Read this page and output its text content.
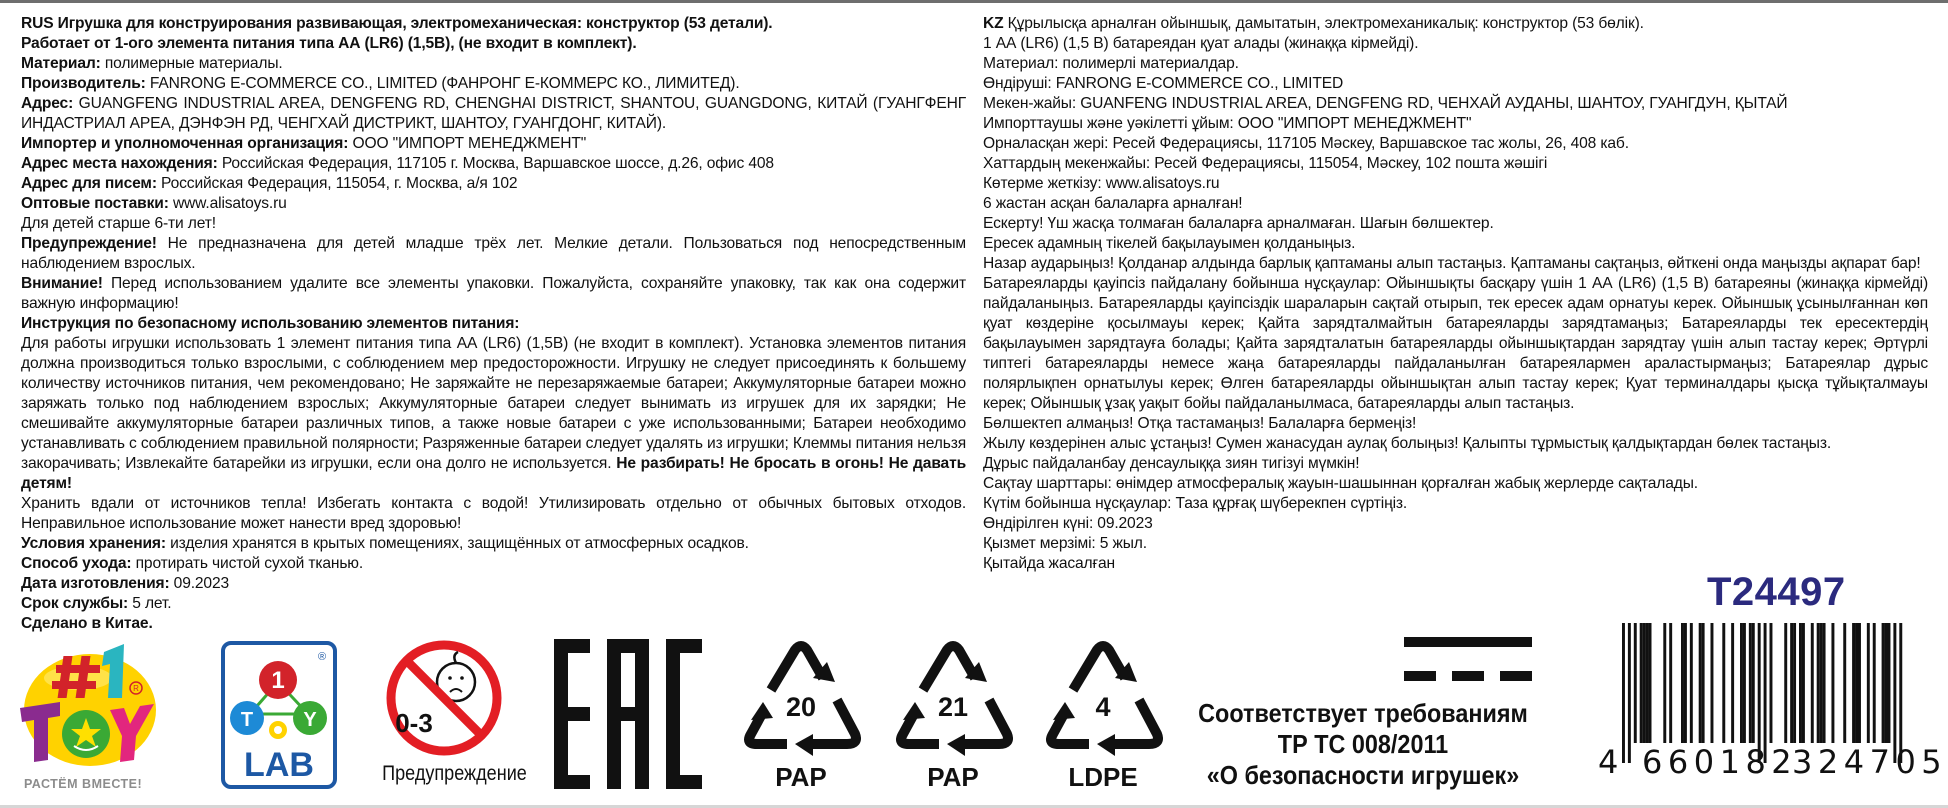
RUS Игрушка для конструирования развивающая, электромеханическая: конструктор (53 детали).

Работает от 1-ого элемента питания типа АА (LR6) (1,5В), (не входит в комплект).

Материал: полимерные материалы.

Производитель: FANRONG E-COMMERCE CO., LIMITED (ФАНРОНГ Е-КОММЕРС КО., ЛИМИТЕД).

Адрес: GUANGFENG INDUSTRIAL AREA, DENGFENG RD, CHENGHAI DISTRICT, SHANTOU, GUANGDONG, КИТАЙ (ГУАНГФЕНГ ИНДАСТРИАЛ АРЕА, ДЭНФЭН РД, ЧЕНГХАЙ ДИСТРИКТ, ШАНТОУ, ГУАНГДОНГ, КИТАЙ).

Импортер и уполномоченная организация: ООО "ИМПОРТ МЕНЕДЖМЕНТ"

Адрес места нахождения: Российская Федерация, 117105 г. Москва, Варшавское шоссе, д.26, офис 408

Адрес для писем: Российская Федерация, 115054, г. Москва, а/я 102

Оптовые поставки: www.alisatoys.ru

Для детей старше 6-ти лет!

Предупреждение! Не предназначена для детей младше трёх лет. Мелкие детали. Пользоваться под непосредственным наблюдением взрослых.

Внимание! Перед использованием удалите все элементы упаковки. Пожалуйста, сохраняйте упаковку, так как она содержит важную информацию!

Инструкция по безопасному использованию элементов питания:

Для работы игрушки использовать 1 элемент питания типа АА (LR6) (1,5В) (не входит в комплект). Установка элементов питания должна производиться только взрослыми, с соблюдением мер предосторожности. Игрушку не следует присоединять к большему количеству источников питания, чем рекомендовано; Не заряжайте не перезаряжаемые батареи; Аккумуляторные батареи можно заряжать только под наблюдением взрослых; Аккумуляторные батареи следует вынимать из игрушек для их зарядки; Не смешивайте аккумуляторные батареи различных типов, а также новые батареи с уже использованными; Батареи необходимо устанавливать с соблюдением правильной полярности; Разряженные батареи следует удалять из игрушки; Клеммы питания нельзя закорачивать; Извлекайте батарейки из игрушки, если она долго не используется. Не разбирать! Не бросать в огонь! Не давать детям!

Хранить вдали от источников тепла! Избегать контакта с водой! Утилизировать отдельно от обычных бытовых отходов. Неправильное использование может нанести вред здоровью!

Условия хранения: изделия хранятся в крытых помещениях, защищённых от атмосферных осадков.

Способ ухода: протирать чистой сухой тканью.

Дата изготовления: 09.2023

Срок службы: 5 лет.

Сделано в Китае.

KZ Құрылысқа арналған ойыншық, дамытатын, электромеханикалық: конструктор (53 бөлік).

1 АА (LR6) (1,5 В) батареядан қуат алады (жинаққа кірмейді).

Материал: полимерлі материалдар.

Өндіруші: FANRONG E-COMMERCE CO., LIMITED

Мекен-жайы: GUANFENG INDUSTRIAL AREA, DENGFENG RD, ЧЕНХАЙ АУДАНЫ, ШАНТОУ, ГУАНГДУН, ҚЫТАЙ

Импорттаушы және уәкілетті ұйым: ООО "ИМПОРТ МЕНЕДЖМЕНТ"

Орналасқан жері: Ресей Федерациясы, 117105 Мәскеу, Варшавское тас жолы, 26, 408 каб.

Хаттардың мекенжайы: Ресей Федерациясы, 115054, Мәскеу, 102 пошта жәшігі

Көтерме жеткізу: www.alisatoys.ru

6 жастан асқан балаларға арналған!

Ескерту! Үш жасқа толмаған балаларға арналмаған. Шағын бөлшектер.

Ересек адамның тікелей бақылауымен қолданыңыз.

Назар аударыңыз! Қолданар алдында барлық қаптаманы алып тастаңыз. Қаптаманы сақтаңыз, өйткені онда маңызды ақпарат бар!

Батареяларды қауіпсіз пайдалану бойынша нұсқаулар: Ойыншықты басқару үшін 1 АА (LR6) (1,5 В) батареяны (жинаққа кірмейді) пайдаланыңыз. Батареяларды қауіпсіздік шараларын сақтай отырып, тек ересек адам орнатуы керек. Ойыншық ұсынылғаннан көп қуат көздеріне қосылмауы керек; Қайта зарядталмайтын батареяларды зарядтамаңыз; Батареяларды тек ересектердің бақылауымен зарядтауға болады; Қайта зарядталатын батареяларды ойыншықтардан зарядтау үшін алып тастау керек; Әртүрлі типтегі батареяларды немесе жаңа батареяларды пайдаланылған батареялармен араластырмаңыз; Батареялар дұрыс полярлықпен орнатылуы керек; Өлген батареяларды ойыншықтан алып тастау керек; Қуат терминалдары қысқа тұйықталмауы керек; Ойыншық ұзақ уақыт бойы пайдаланылмаса, батареяларды алып тастаңыз.

Бөлшектеп алмаңыз! Отқа тастамаңыз! Балаларға бермеңіз!

Жылу көздерінен алыс ұстаңыз! Сумен жанасудан аулақ болыңыз! Қалыпты тұрмыстық қалдықтардан бөлек тастаңыз.

Дұрыс пайдаланбау денсаулыққа зиян тигізуі мүмкін!

Сақтау шарттары: өнімдер атмосфералық жауын-шашыннан қорғалған жабық жерлерде сақталады.

Күтім бойынша нұсқаулар: Таза құрғақ шүберекпен сүртіңіз.

Өндірілген күні: 09.2023

Қызмет мерзімі: 5 жыл.

Қытайда жасалған

T24497
R
РАСТЁМ ВМЕСТЕ!
®
1
T	Y
LAB
0-3
Предупреждение
20
PAP
21
PAP
4
LDPE
Соответствует требованиям
ТР ТС 008/2011
«О безопасности игрушек»	4 660182
324705
